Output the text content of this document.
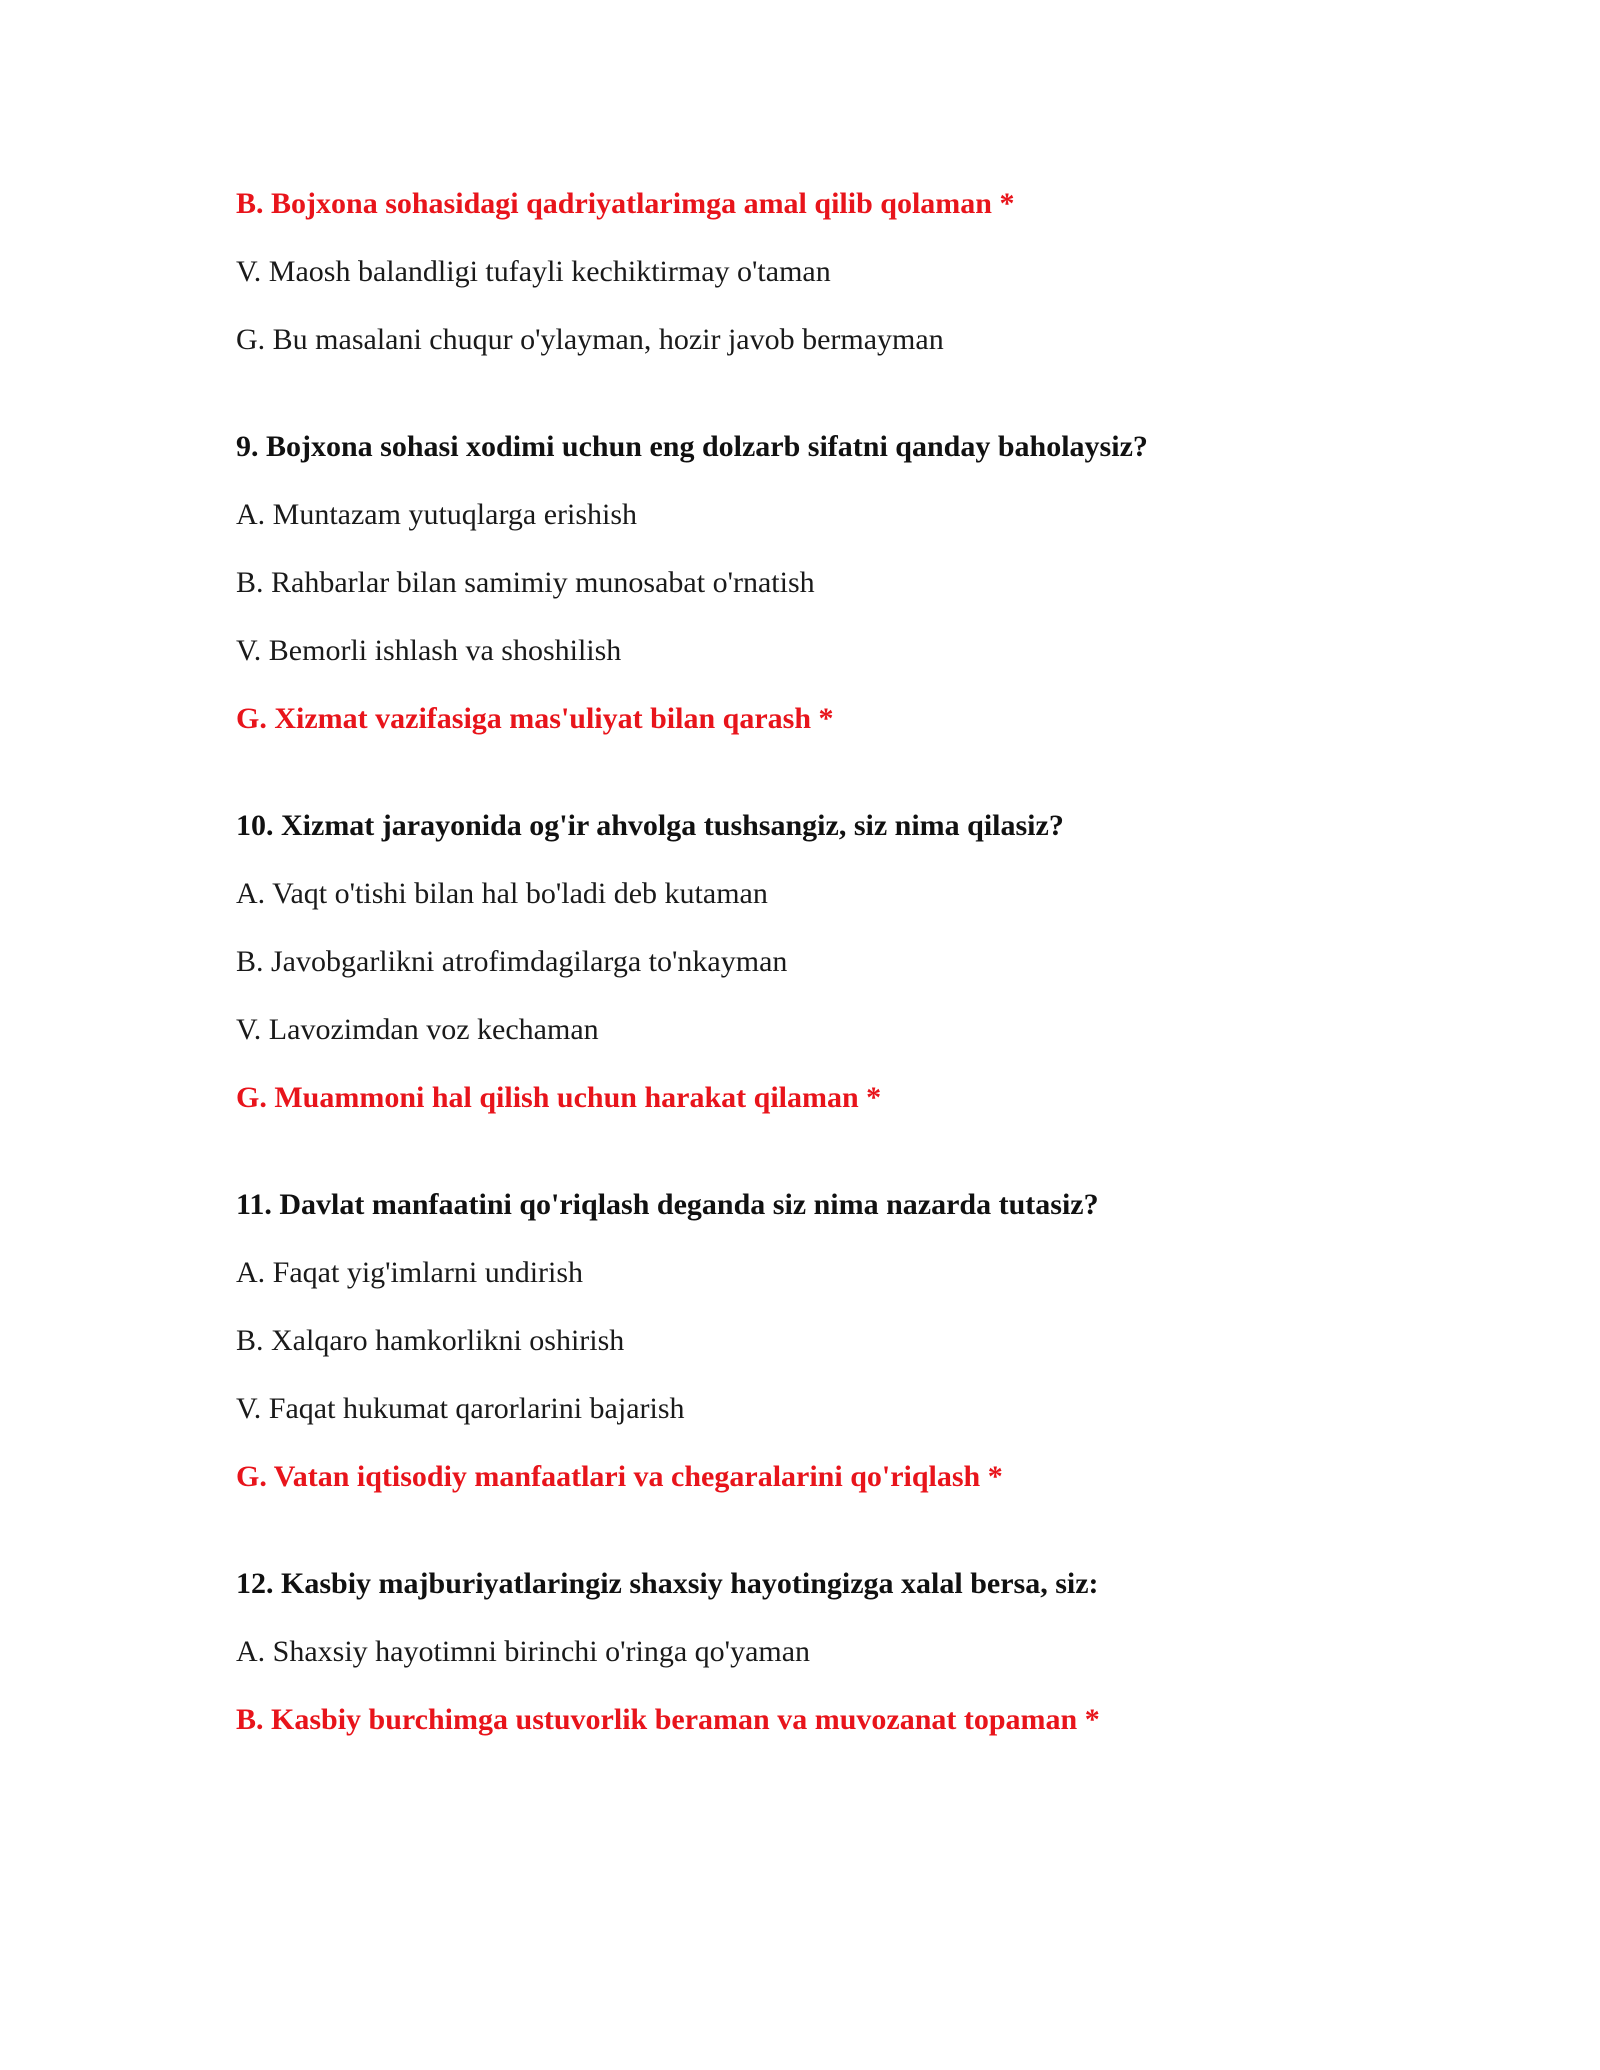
B. Bojxona sohasidagi qadriyatlarimga amal qilib qolaman *
V. Maosh balandligi tufayli kechiktirmay o'taman
G. Bu masalani chuqur o'ylayman, hozir javob bermayman
9. Bojxona sohasi xodimi uchun eng dolzarb sifatni qanday baholaysiz?
A. Muntazam yutuqlarga erishish
B. Rahbarlar bilan samimiy munosabat o'rnatish
V. Bemorli ishlash va shoshilish
G. Xizmat vazifasiga mas'uliyat bilan qarash *
10. Xizmat jarayonida og'ir ahvolga tushsangiz, siz nima qilasiz?
A. Vaqt o'tishi bilan hal bo'ladi deb kutaman
B. Javobgarlikni atrofimdagilarga to'nkayman
V. Lavozimdan voz kechaman
G. Muammoni hal qilish uchun harakat qilaman *
11. Davlat manfaatini qo'riqlash deganda siz nima nazarda tutasiz?
A. Faqat yig'imlarni undirish
B. Xalqaro hamkorlikni oshirish
V. Faqat hukumat qarorlarini bajarish
G. Vatan iqtisodiy manfaatlari va chegaralarini qo'riqlash *
12. Kasbiy majburiyatlaringiz shaxsiy hayotingizga xalal bersa, siz:
A. Shaxsiy hayotimni birinchi o'ringa qo'yaman
B. Kasbiy burchimga ustuvorlik beraman va muvozanat topaman *
